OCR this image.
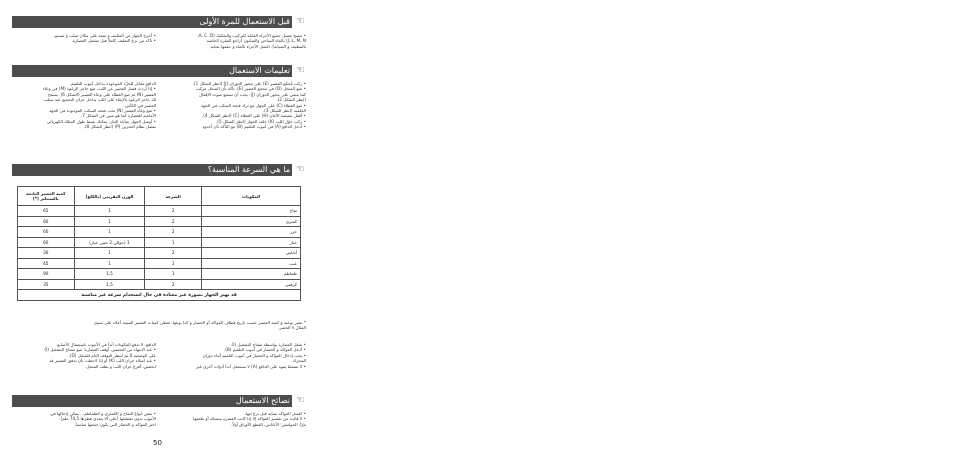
قبل الاستعمال للمرة الأولى ☜
• تنصح بغسل جميع الأجزاء القابلة للتركيب والتفكيك (A، C، D،
J، L، M، N) بالماء الساخن والصابون (راجع الفقرة الخاصة
بالتنظيف و الصيانة). اغسل الأجزاء بالماء و جففها بعناية.
• أخرج الجهاز من التغليف و ضعه على مكان صلب و مستوٍ.
• تأكد من نزع التغليف كاملاً قبل تشغيل العصارة.
تعليمات الاستعمال ☜
• ركب مُجمّع العصير (E) على محور الدوران (J) (انظر الشكل 1).
• ضع المنخل (D) في مجمع العصير (E). تأكد بأن المنخل مركب
كما ينبغي على محور الدوران (J). يجب أن تسمع صوت الإقفال
(انظر الشكل 2).
• ضع الغطاء (C) على الجهاز مع ترك فتحة السكب في الجهة
الخلفية (انظر الشكل 3).
• أقفل مقبضة الأمان (H) على الغطاء (C) (انظر الشكل 4).
• ركب حوّل اللب (K) خلف الجهاز (انظر الشكل 5).
• أدخل الدافع (A) في أنبوب التلقيم (B) مع التأكد بأن أخدود
الدافع مقابل للحزّة الموجودة بداخل أنبوب التلقيم.
• إذا أردت فصل العصير عن اللب، ضع حاجز الرغوة (M) في وعاء
العصير (N) ثم ضع الغطاء على وعاء العصير (الشكل 6). يسمح
لك حاجز الرغوة بالإبقاء على اللب بداخل خزان التجميع عند سكب
العصير في الكأس.
• ضع وعاء العصير (N) تحت فتحة السكب الموجودة في الجهة
الأمامية للعصارة كما هو مبين في الشكل 7.
• أوصل الجهاز بمأخذ التيار. يمكنك ضبط طول السلك الكهربائي
بفضل نظام التخزين (P) (انظر الشكل 8).
ما هي السرعة المناسبة؟ ☜
المكونات	السرعة	الوزن التقريبي (بالكلغ)	كمية العصير الناتجة بالسنتلتر (*)
تفاح	2	1	65
كمثرى	2	1	60
جزر	2	1	60
خيار	1	1 (حوالي 2 حبتي خيار)	60
أناناس	2	1	30
عنب	1	1	45
طماطم	1	1,5	90
كرفس	2	1,5	35
قد يهتز الجهاز بصورة غير معتادة في حال استخدام سرعة غير مناسبة			
* تتغير نوعية و كمية العصير حسب تاريخ قطاف الفواكه أو الخضار و كذا نوعها. تعطى كميات العصير المبينة أعلاه على سبيل
المثال لا الحصر.
• شغل العصارة بواسطة مفتاح التشغيل (I).
• أدخل الفواكه و الخضار في أنبوب التلقيم (B).
• يجب إدخال الفواكه و الخضار في أنبوب التلقيم أثناء دوران
المحرك.
• لا تضغط بقوة على الدافع (A) لا تستعمل أبداً أدوات أخرى غير
الدافع. لا تدفع المكونات أبداً في الأنبوب باستعمال الأصابع.
• عند الانتهاء من التحضير، أوقف العصارة: ضع مفتاح التشغيل (I)
على الوضعية 0 ثم انتظر التوقف التام للمنخل (D).
• عند امتلاء خزان اللب (K) أو إذا لاحظت بأن تدفق العصير قد
انخفض، أفرغ خزان اللب و نظف المنخل.
نصائح الاستعمال ☜
• اغسل الفواكه بعناية قبل نزع لبها.
• لا فائدة من تقشير الفواكه إلا إذا كانت القشرة سميكة أو طعمها
مرّاً. الحوامض: الأناناس، القطع الأوراق أولاً.
• بعض أنواع التفاح و الكمثرى و الطماطم... يمكن إدخالها في
الأنبوب بدون تقطيعها (على ألا يتعدى قطرها 74,5 ملم).
اختر الفواكه و الخضار التي يكون حجمها مناسباً.
50
